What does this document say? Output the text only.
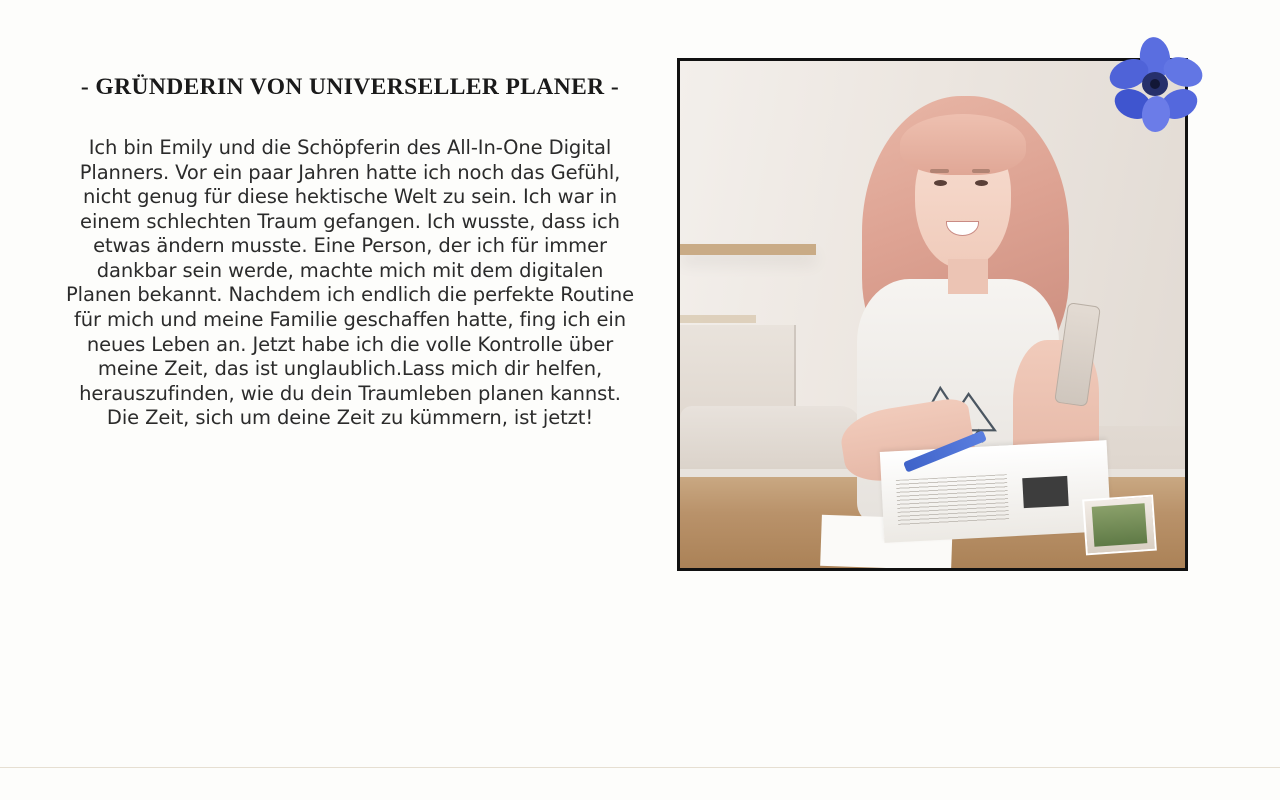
- GRÜNDERIN VON UNIVERSELLER PLANER -

Ich bin Emily und die Schöpferin des All-In-One Digital Planners. Vor ein paar Jahren hatte ich noch das Gefühl, nicht genug für diese hektische Welt zu sein. Ich war in einem schlechten Traum gefangen. Ich wusste, dass ich etwas ändern musste. Eine Person, der ich für immer dankbar sein werde, machte mich mit dem digitalen Planen bekannt. Nachdem ich endlich die perfekte Routine für mich und meine Familie geschaffen hatte, fing ich ein neues Leben an. Jetzt habe ich die volle Kontrolle über meine Zeit, das ist unglaublich.Lass mich dir helfen, herauszufinden, wie du dein Traumleben planen kannst. Die Zeit, sich um deine Zeit zu kümmern, ist jetzt!
